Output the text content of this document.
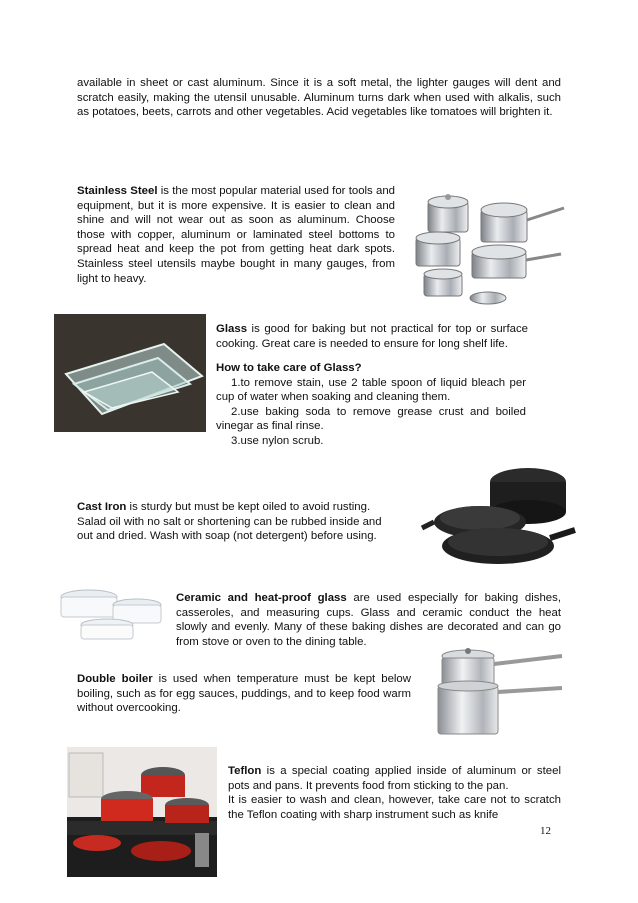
available in sheet or cast aluminum. Since it is a soft metal, the lighter gauges will dent and scratch easily, making the utensil unusable. Aluminum turns dark when used with alkalis, such as potatoes, beets, carrots and other vegetables. Acid vegetables like tomatoes will brighten it.
Stainless Steel is the most popular material used for tools and equipment, but it is more expensive. It is easier to clean and shine and will not wear out as soon as aluminum. Choose those with copper, aluminum or laminated steel bottoms to spread heat and keep the pot from getting heat dark spots. Stainless steel utensils maybe bought in many gauges, from light to heavy.
Glass is good for baking but not practical for top or surface cooking. Great care is needed to ensure for long shelf life.
How to take care of Glass?
1.to remove stain, use 2 table spoon of liquid bleach per cup of water when soaking and cleaning them.
2.use baking soda to remove grease crust and boiled vinegar as final rinse.
3.use nylon scrub.
Cast Iron is sturdy but must be kept oiled to avoid rusting.
Salad oil with no salt or shortening can be rubbed inside and out and dried. Wash with soap (not detergent) before using.
Ceramic and heat-proof glass are used especially for baking dishes, casseroles, and measuring cups. Glass and ceramic conduct the heat slowly and evenly. Many of these baking dishes are decorated and can go from stove or oven to the dining table.
Double boiler is used when temperature must be kept below boiling, such as for egg sauces, puddings, and to keep food warm without overcooking.
Teflon is a special coating applied inside of aluminum or steel pots and pans. It prevents food from sticking to the pan.
It is easier to wash and clean, however, take care not to scratch the Teflon coating with sharp instrument such as knife
12
